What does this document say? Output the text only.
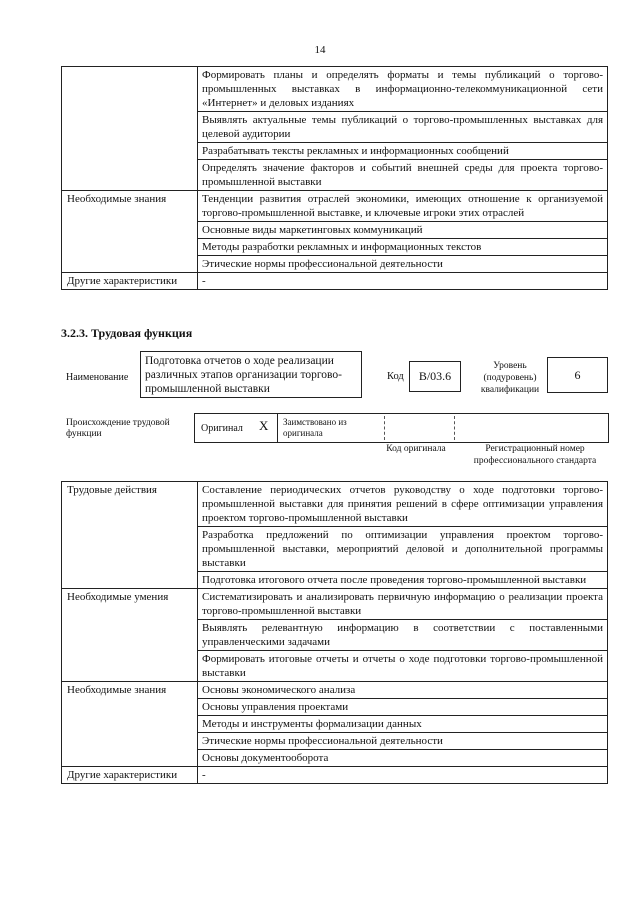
14
	Формировать планы и определять форматы и темы публикаций о торгово-промышленных выставках в информационно-телекоммуникационной сети «Интернет» и деловых изданиях
	Выявлять актуальные темы публикаций о торгово-промышленных выставках для целевой аудитории
	Разрабатывать тексты рекламных и информационных сообщений
	Определять значение факторов и событий внешней среды для проекта торгово-промышленной выставки
Необходимые знания	Тенденции развития отраслей экономики, имеющих отношение к организуемой торгово-промышленной выставке, и ключевые игроки этих отраслей
	Основные виды маркетинговых коммуникаций
	Методы разработки рекламных и информационных текстов
	Этические нормы профессиональной деятельности
Другие характеристики	-
3.2.3. Трудовая функция
Наименование
Подготовка отчетов о ходе реализации различных этапов организации торгово-промышленной выставки
Код	B/03.6
Уровень (подуровень) квалификации
6
Происхождение трудовой функции	Оригинал Х Заимствовано из оригинала
Код оригинала	Регистрационный номер профессионального стандарта
Трудовые действия	Составление периодических отчетов руководству о ходе подготовки торгово-промышленной выставки для принятия решений в сфере оптимизации управления проектом торгово-промышленной выставки
	Разработка предложений по оптимизации управления проектом торгово-промышленной выставки, мероприятий деловой и дополнительной программы выставки
	Подготовка итогового отчета после проведения торгово-промышленной выставки
Необходимые умения	Систематизировать и анализировать первичную информацию о реализации проекта торгово-промышленной выставки
	Выявлять релевантную информацию в соответствии с поставленными управленческими задачами
	Формировать итоговые отчеты и отчеты о ходе подготовки торгово-промышленной выставки
Необходимые знания	Основы экономического анализа
	Основы управления проектами
	Методы и инструменты формализации данных
	Этические нормы профессиональной деятельности
	Основы документооборота
Другие характеристики	-
